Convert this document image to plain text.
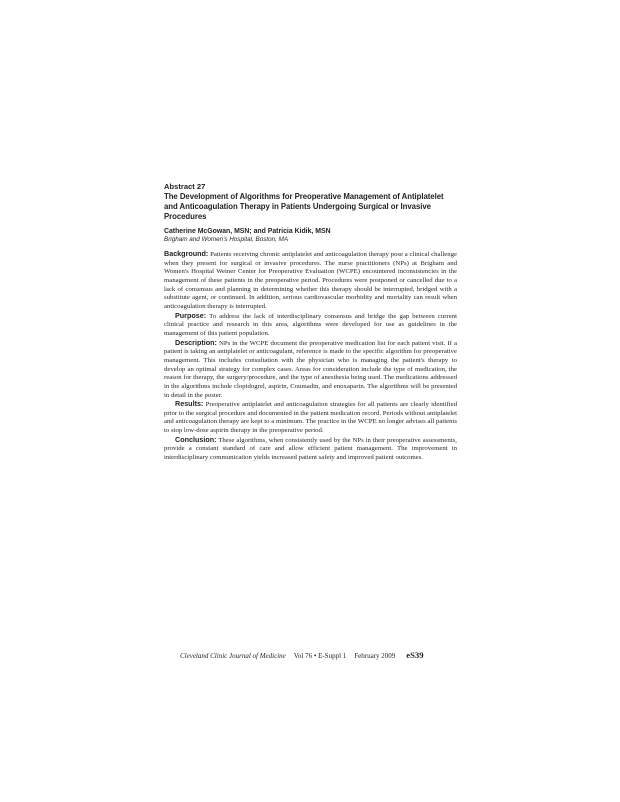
Abstract 27

The Development of Algorithms for Preoperative Management of Antiplatelet and Anticoagulation Therapy in Patients Undergoing Surgical or Invasive Procedures

Catherine McGowan, MSN; and Patricia Kidik, MSN

Brigham and Women's Hospital, Boston, MA

Background: Patients receiving chronic antiplatelet and anticoagulation therapy pose a clinical challenge when they present for surgical or invasive procedures. The nurse practitioners (NPs) at Brigham and Women's Hospital Weiner Center for Preoperative Evaluation (WCPE) encountered inconsistencies in the management of these patients in the preoperative period. Procedures were postponed or cancelled due to a lack of consensus and planning in determining whether this therapy should be interrupted, bridged with a substitute agent, or continued. In addition, serious cardiovascular morbidity and mortality can result when anticoagulation therapy is interrupted.

Purpose: To address the lack of interdisciplinary consensus and bridge the gap between current clinical practice and research in this area, algorithms were developed for use as guidelines in the management of this patient population.

Description: NPs in the WCPE document the preoperative medication list for each patient visit. If a patient is taking an antiplatelet or anticoagulant, reference is made to the specific algorithm for preoperative management. This includes consultation with the physician who is managing the patient's therapy to develop an optimal strategy for complex cases. Areas for consideration include the type of medication, the reason for therapy, the surgery/procedure, and the type of anesthesia being used. The medications addressed in the algorithms include clopidogrel, aspirin, Coumadin, and enoxaparin. The algorithms will be presented in detail in the poster.

Results: Preoperative antiplatelet and anticoagulation strategies for all patients are clearly identified prior to the surgical procedure and documented in the patient medication record. Periods without antiplatelet and anticoagulation therapy are kept to a minimum. The practice in the WCPE no longer advises all patients to stop low-dose aspirin therapy in the preoperative period.

Conclusion: These algorithms, when consistently used by the NPs in their preoperative assessments, provide a constant standard of care and allow efficient patient management. The improvement in interdisciplinary communication yields increased patient safety and improved patient outcomes.

Cleveland Clinic Journal of Medicine Vol 76 • E-Suppl 1 February 2009 eS39
